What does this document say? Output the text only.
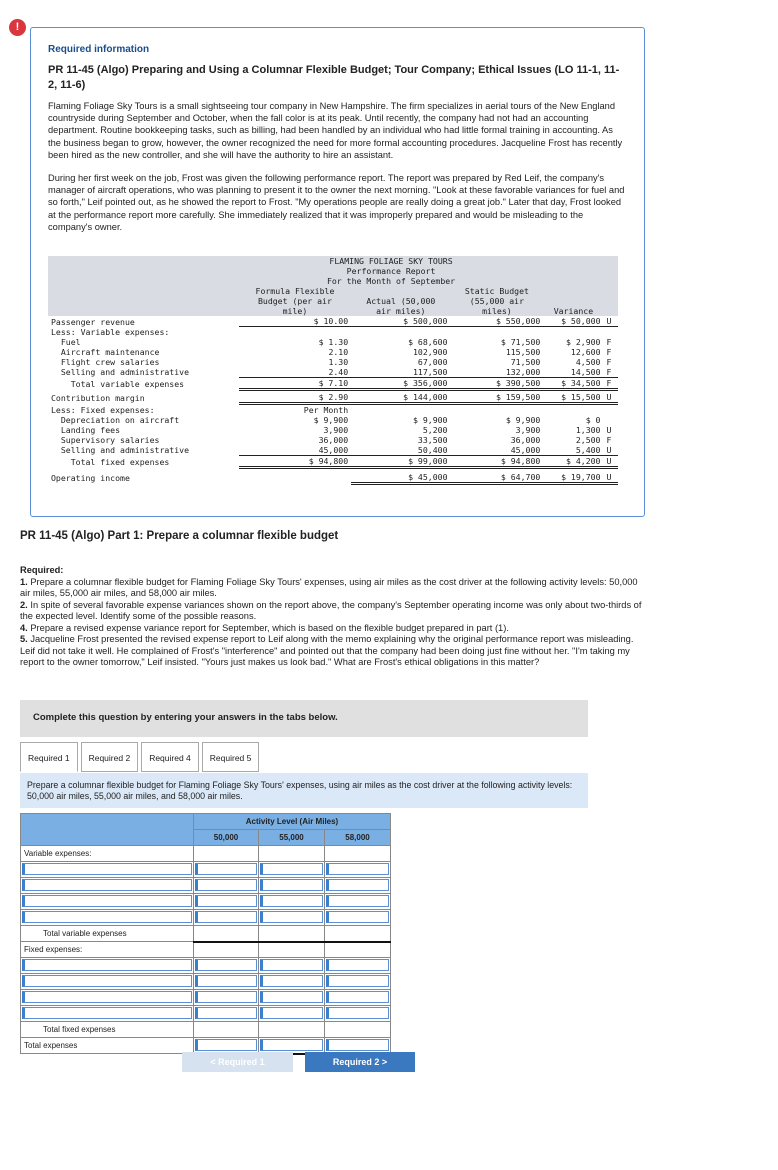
!
Required information
PR 11-45 (Algo) Preparing and Using a Columnar Flexible Budget; Tour Company; Ethical Issues (LO 11-1, 11-2, 11-6)

Flaming Foliage Sky Tours is a small sightseeing tour company in New Hampshire. The firm specializes in aerial tours of the New England countryside during September and October, when the fall color is at its peak. Until recently, the company had not had an accounting department. Routine bookkeeping tasks, such as billing, had been handled by an individual who had little formal training in accounting. As the business began to grow, however, the owner recognized the need for more formal accounting procedures. Jacqueline Frost has recently been hired as the new controller, and she will have the authority to hire an assistant.

During her first week on the job, Frost was given the following performance report. The report was prepared by Red Leif, the company's manager of aircraft operations, who was planning to present it to the owner the next morning. "Look at these favorable variances for fuel and so forth," Leif pointed out, as he showed the report to Frost. "My operations people are really doing a great job." Later that day, Frost looked at the performance report more carefully. She immediately realized that it was improperly prepared and would be misleading to the company's owner.

	FLAMING FOLIAGE SKY TOURS				
	Performance Report				
	For the Month of September				
	Formula Flexible		Static Budget		
	Budget (per air	Actual (50,000	(55,000 air		
	mile)	air miles)	miles)	Variance	
Passenger revenue	$ 10.00	$ 500,000	$ 550,000	$ 50,000	U
Less: Variable expenses:					
Fuel	$ 1.30	$ 68,600	$ 71,500	$ 2,900	F
Aircraft maintenance	2.10	102,900	115,500	12,600	F
Flight crew salaries	1.30	67,000	71,500	4,500	F
Selling and administrative	2.40	117,500	132,000	14,500	F
Total variable expenses	$ 7.10	$ 356,000	$ 390,500	$ 34,500	F
Contribution margin	$ 2.90	$ 144,000	$ 159,500	$ 15,500	U
Less: Fixed expenses:	Per Month				
Depreciation on aircraft	$ 9,900	$ 9,900	$ 9,900	$ 0	
Landing fees	3,900	5,200	3,900	1,300	U
Supervisory salaries	36,000	33,500	36,000	2,500	F
Selling and administrative	45,000	50,400	45,000	5,400	U
Total fixed expenses	$ 94,800	$ 99,000	$ 94,800	$ 4,200	U
Operating income		$ 45,000	$ 64,700	$ 19,700	U
PR 11-45 (Algo) Part 1: Prepare a columnar flexible budget
Required:
1. Prepare a columnar flexible budget for Flaming Foliage Sky Tours' expenses, using air miles as the cost driver at the following activity levels: 50,000 air miles, 55,000 air miles, and 58,000 air miles.
2. In spite of several favorable expense variances shown on the report above, the company's September operating income was only about two-thirds of the expected level. Identify some of the possible reasons.
4. Prepare a revised expense variance report for September, which is based on the flexible budget prepared in part (1).
5. Jacqueline Frost presented the revised expense report to Leif along with the memo explaining why the original performance report was misleading. Leif did not take it well. He complained of Frost's "interference" and pointed out that the company had been doing just fine without her. "I'm taking my report to the owner tomorrow," Leif insisted. "Yours just makes us look bad." What are Frost's ethical obligations in this matter?
Complete this question by entering your answers in the tabs below.
Required 1	Required 2	Required 4	Required 5
Prepare a columnar flexible budget for Flaming Foliage Sky Tours' expenses, using air miles as the cost driver at the following activity levels: 50,000 air miles, 55,000 air miles, and 58,000 air miles.
	Activity Level (Air Miles)		
	50,000	55,000	58,000
Variable expenses:			

Total variable expenses			
Fixed expenses:			

Total fixed expenses			
Total expenses			
< Required 1	Required 2 >
